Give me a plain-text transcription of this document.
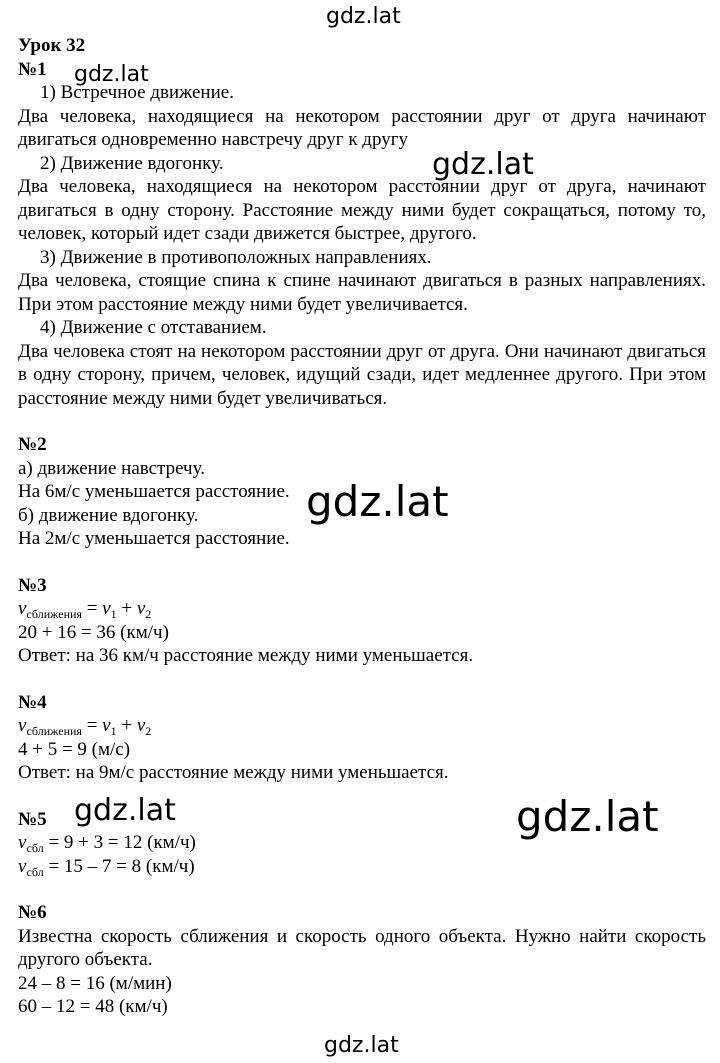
gdz.lat
gdz.lat
gdz.lat
gdz.lat
gdz.lat	gdz.lat
gdz.lat

Урок 32

№1

1) Встречное движение.

Два человека, находящиеся на некотором расстоянии друг от друга начинают двигаться одновременно навстречу друг к другу

2) Движение вдогонку.

Два человека, находящиеся на некотором расстоянии друг от друга, начинают двигаться в одну сторону. Расстояние между ними будет сокращаться, потому то, человек, который идет сзади движется быстрее, другого.

3) Движение в противоположных направлениях.

Два человека, стоящие спина к спине начинают двигаться в разных направлениях. При этом расстояние между ними будет увеличивается.

4) Движение с отставанием.

Два человека стоят на некотором расстоянии друг от друга. Они начинают двигаться в одну сторону, причем, человек, идущий сзади, идет медленнее другого. При этом расстояние между ними будет увеличиваться.

№2

а) движение навстречу.

На 6м/с уменьшается расстояние.

б) движение вдогонку.

На 2м/с уменьшается расстояние.

№3

$v_{сближения} = v_1 + v_2$

20 + 16 = 36 (км/ч)

Ответ: на 36 км/ч расстояние между ними уменьшается.

№4

$v_{сближения} = v_1 + v_2$

4 + 5 = 9 (м/с)

Ответ: на 9м/с расстояние между ними уменьшается.

№5

$v_{сбл} = 9 + 3 = 12$ (км/ч)

$v_{сбл} = 15 - 7 = 8$ (км/ч)

№6

Известна скорость сближения и скорость одного объекта. Нужно найти скорость другого объекта.

24 – 8 = 16 (м/мин)

60 – 12 = 48 (км/ч)
